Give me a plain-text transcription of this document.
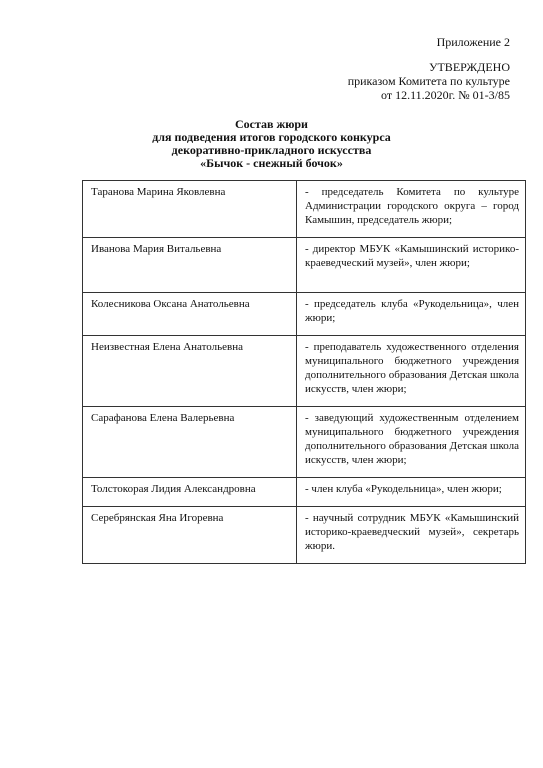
Приложение 2
УТВЕРЖДЕНО
приказом Комитета по культуре
от 12.11.2020г. № 01-3/85
Состав жюри
для подведения итогов городского конкурса
декоративно-прикладного искусства
«Бычок - снежный бочок»
Таранова Марина Яковлевна	- председатель Комитета по культуре Администрации городского округа – город Камышин, председатель жюри;
Иванова Мария Витальевна	- директор МБУК «Камышинский историко-краеведческий музей», член жюри;
Колесникова Оксана Анатольевна	- председатель клуба «Рукодельница», член жюри;
Неизвестная Елена Анатольевна	- преподаватель художественного отделения муниципального бюджетного учреждения дополнительного образования Детская школа искусств, член жюри;
Сарафанова Елена Валерьевна	- заведующий художественным отделением муниципального бюджетного учреждения дополнительного образования Детская школа искусств, член жюри;
Толстокорая Лидия Александровна	- член клуба «Рукодельница», член жюри;
Серебрянская Яна Игоревна	- научный сотрудник МБУК «Камышинский историко-краеведческий музей», секретарь жюри.
